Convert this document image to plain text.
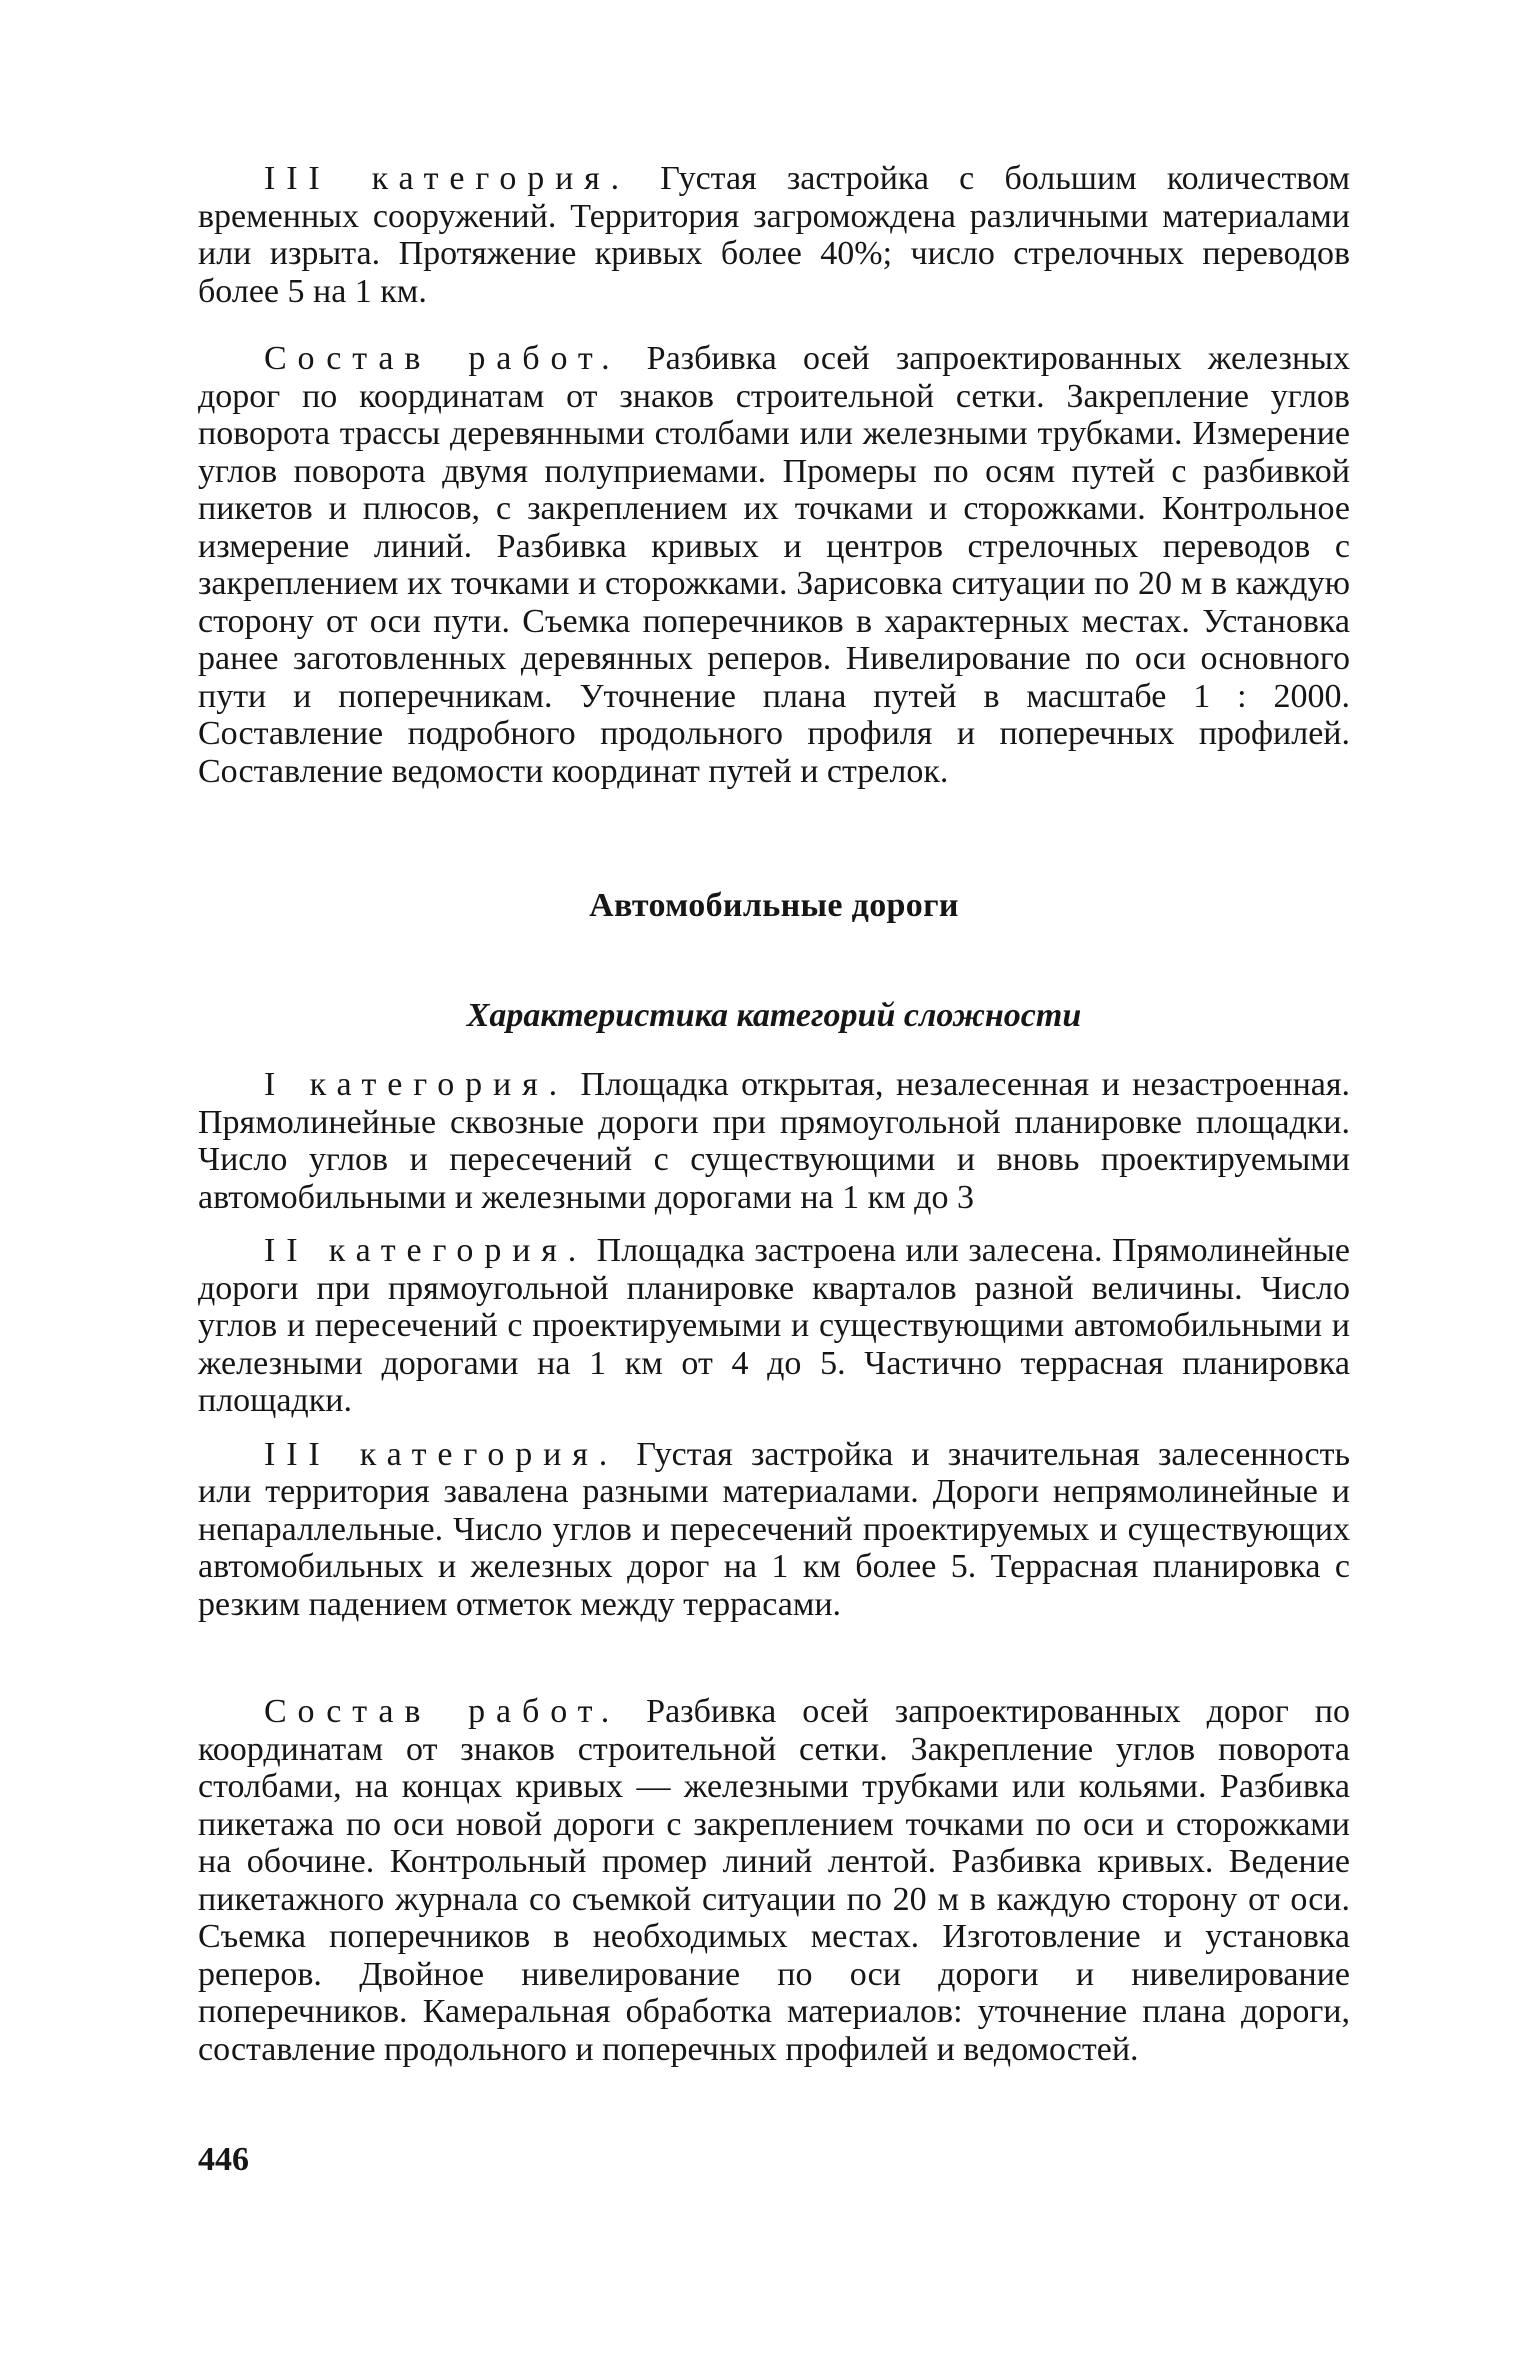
III категория. Густая застройка с большим количеством временных сооружений. Территория загромождена различными материалами или изрыта. Протяжение кривых более 40%; число стрелочных переводов более 5 на 1 км.

Состав работ. Разбивка осей запроектированных железных дорог по координатам от знаков строительной сетки. Закрепление углов поворота трассы деревянными столбами или железными трубками. Измерение углов поворота двумя полуприемами. Промеры по осям путей с разбивкой пикетов и плюсов, с закреплением их точками и сторожками. Контрольное измерение линий. Разбивка кривых и центров стрелочных переводов с закреплением их точками и сторожками. Зарисовка ситуации по 20 м в каждую сторону от оси пути. Съемка поперечников в характерных местах. Установка ранее заготовленных деревянных реперов. Нивелирование по оси основного пути и поперечникам. Уточнение плана путей в масштабе 1 : 2000. Составление подробного продольного профиля и поперечных профилей. Составление ведомости координат путей и стрелок.

Автомобильные дороги
Характеристика категорий сложности

I категория. Площадка открытая, незалесенная и незастроенная. Прямолинейные сквозные дороги при прямоугольной планировке площадки. Число углов и пересечений с существующими и вновь проектируемыми автомобильными и железными дорогами на 1 км до 3

II категория. Площадка застроена или залесена. Прямолинейные дороги при прямоугольной планировке кварталов разной величины. Число углов и пересечений с проектируемыми и существующими автомобильными и железными дорогами на 1 км от 4 до 5. Частично террасная планировка площадки.

III категория. Густая застройка и значительная залесенность или территория завалена разными материалами. Дороги непрямолинейные и непараллельные. Число углов и пересечений проектируемых и существующих автомобильных и железных дорог на 1 км более 5. Террасная планировка с резким падением отметок между террасами.

Состав работ. Разбивка осей запроектированных дорог по координатам от знаков строительной сетки. Закрепление углов поворота столбами, на концах кривых — железными трубками или кольями. Разбивка пикетажа по оси новой дороги с закреплением точками по оси и сторожками на обочине. Контрольный промер линий лентой. Разбивка кривых. Ведение пикетажного журнала со съемкой ситуации по 20 м в каждую сторону от оси. Съемка поперечников в необходимых местах. Изготовление и установка реперов. Двойное нивелирование по оси дороги и нивелирование поперечников. Камеральная обработка материалов: уточнение плана дороги, составление продольного и поперечных профилей и ведомостей.

446
